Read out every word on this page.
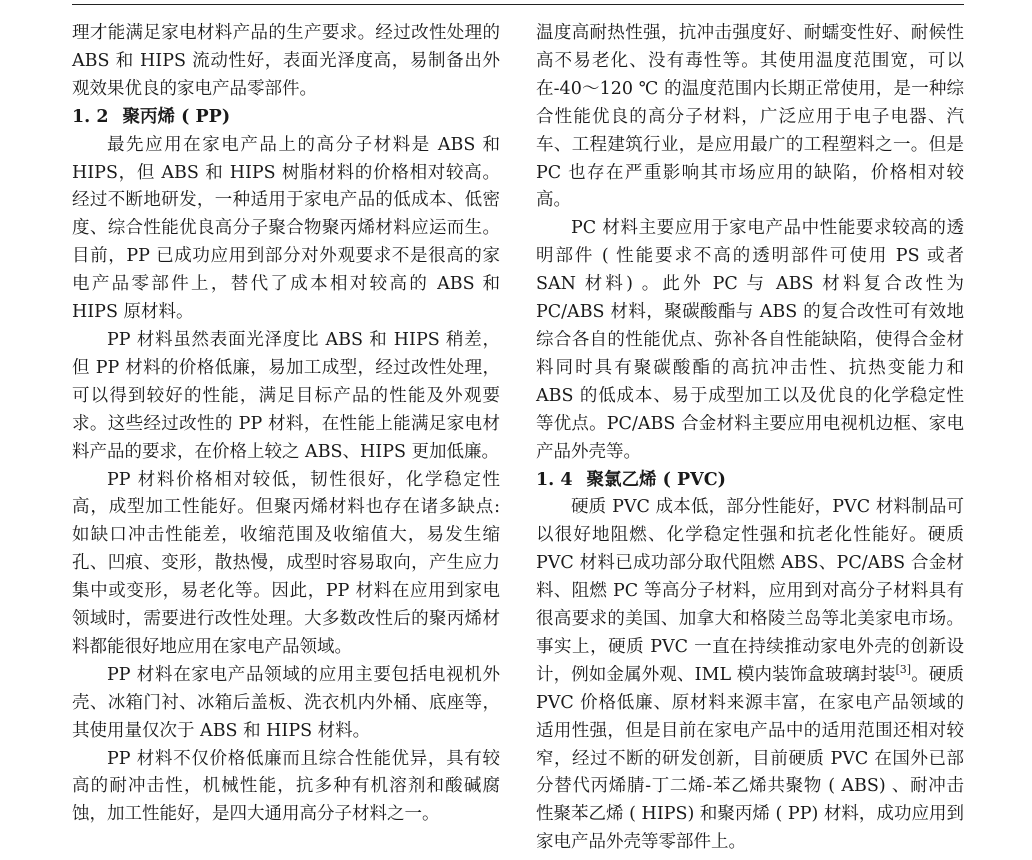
理才能满足家电材料产品的生产要求。经过改性处理的 ABS 和 HIPS 流动性好，表面光泽度高，易制备出外观效果优良的家电产品零部件。

1. 2 聚丙烯 ( PP)

最先应用在家电产品上的高分子材料是 ABS 和 HIPS，但 ABS 和 HIPS 树脂材料的价格相对较高。经过不断地研发，一种适用于家电产品的低成本、低密度、综合性能优良高分子聚合物聚丙烯材料应运而生。目前，PP 已成功应用到部分对外观要求不是很高的家电产品零部件上，替代了成本相对较高的 ABS 和 HIPS 原材料。

PP 材料虽然表面光泽度比 ABS 和 HIPS 稍差，但 PP 材料的价格低廉，易加工成型，经过改性处理，可以得到较好的性能，满足目标产品的性能及外观要求。这些经过改性的 PP 材料，在性能上能满足家电材料产品的要求，在价格上较之 ABS、HIPS 更加低廉。

PP 材料价格相对较低，韧性很好，化学稳定性高，成型加工性能好。但聚丙烯材料也存在诸多缺点: 如缺口冲击性能差，收缩范围及收缩值大，易发生缩孔、凹痕、变形，散热慢，成型时容易取向，产生应力集中或变形，易老化等。因此，PP 材料在应用到家电领域时，需要进行改性处理。大多数改性后的聚丙烯材料都能很好地应用在家电产品领域。

PP 材料在家电产品领域的应用主要包括电视机外壳、冰箱门衬、冰箱后盖板、洗衣机内外桶、底座等，其使用量仅次于 ABS 和 HIPS 材料。

PP 材料不仅价格低廉而且综合性能优异，具有较高的耐冲击性，机械性能，抗多种有机溶剂和酸碱腐蚀，加工性能好，是四大通用高分子材料之一。

温度高耐热性强，抗冲击强度好、耐蠕变性好、耐候性高不易老化、没有毒性等。其使用温度范围宽，可以在-40～120 ℃ 的温度范围内长期正常使用，是一种综合性能优良的高分子材料，广泛应用于电子电器、汽车、工程建筑行业，是应用最广的工程塑料之一。但是 PC 也存在严重影响其市场应用的缺陷，价格相对较高。

PC 材料主要应用于家电产品中性能要求较高的透明部件 ( 性能要求不高的透明部件可使用 PS 或者 SAN 材料) 。此外 PC 与 ABS 材料复合改性为 PC/ABS 材料，聚碳酸酯与 ABS 的复合改性可有效地综合各自的性能优点、弥补各自性能缺陷，使得合金材料同时具有聚碳酸酯的高抗冲击性、抗热变能力和 ABS 的低成本、易于成型加工以及优良的化学稳定性等优点。PC/ABS 合金材料主要应用电视机边框、家电产品外壳等。

1. 4 聚氯乙烯 ( PVC)

硬质 PVC 成本低，部分性能好，PVC 材料制品可以很好地阻燃、化学稳定性强和抗老化性能好。硬质 PVC 材料已成功部分取代阻燃 ABS、PC/ABS 合金材料、阻燃 PC 等高分子材料，应用到对高分子材料具有很高要求的美国、加拿大和格陵兰岛等北美家电市场。事实上，硬质 PVC 一直在持续推动家电外壳的创新设计，例如金属外观、IML 模内装饰盒玻璃封装[3]。硬质 PVC 价格低廉、原材料来源丰富，在家电产品领域的适用性强，但是目前在家电产品中的适用范围还相对较窄，经过不断的研发创新，目前硬质 PVC 在国外已部分替代丙烯腈-丁二烯-苯乙烯共聚物 ( ABS) 、耐冲击性聚苯乙烯 ( HIPS) 和聚丙烯 ( PP) 材料，成功应用到家电产品外壳等零部件上。
